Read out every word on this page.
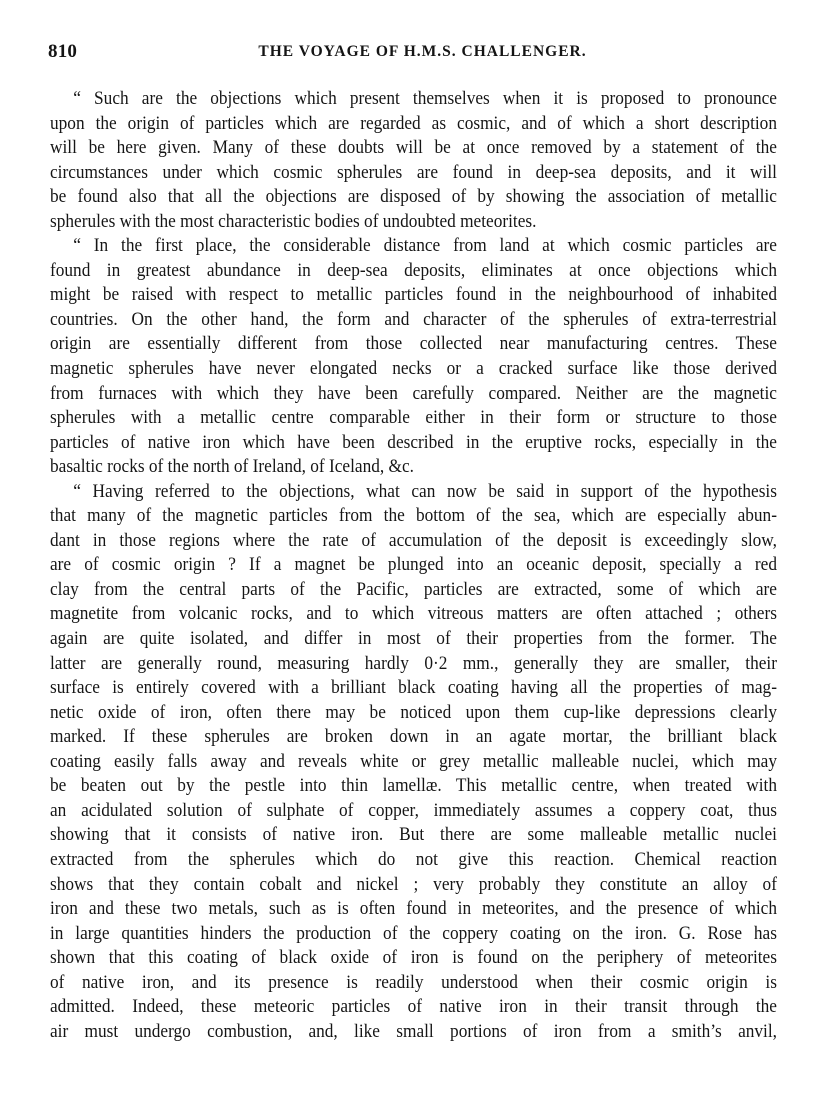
810	THE VOYAGE OF H.M.S. CHALLENGER.
“ Such are the objections which present themselves when it is proposed to pronounce
upon the origin of particles which are regarded as cosmic, and of which a short description
will be here given. Many of these doubts will be at once removed by a statement of the
circumstances under which cosmic spherules are found in deep-sea deposits, and it will
be found also that all the objections are disposed of by showing the association of metallic
spherules with the most characteristic bodies of undoubted meteorites.
“ In the first place, the considerable distance from land at which cosmic particles are
found in greatest abundance in deep-sea deposits, eliminates at once objections which
might be raised with respect to metallic particles found in the neighbourhood of inhabited
countries. On the other hand, the form and character of the spherules of extra-terrestrial
origin are essentially different from those collected near manufacturing centres. These
magnetic spherules have never elongated necks or a cracked surface like those derived
from furnaces with which they have been carefully compared. Neither are the magnetic
spherules with a metallic centre comparable either in their form or structure to those
particles of native iron which have been described in the eruptive rocks, especially in the
basaltic rocks of the north of Ireland, of Iceland, &c.
“ Having referred to the objections, what can now be said in support of the hypothesis
that many of the magnetic particles from the bottom of the sea, which are especially abun-
dant in those regions where the rate of accumulation of the deposit is exceedingly slow,
are of cosmic origin ? If a magnet be plunged into an oceanic deposit, specially a red
clay from the central parts of the Pacific, particles are extracted, some of which are
magnetite from volcanic rocks, and to which vitreous matters are often attached ; others
again are quite isolated, and differ in most of their properties from the former. The
latter are generally round, measuring hardly 0·2 mm., generally they are smaller, their
surface is entirely covered with a brilliant black coating having all the properties of mag-
netic oxide of iron, often there may be noticed upon them cup-like depressions clearly
marked. If these spherules are broken down in an agate mortar, the brilliant black
coating easily falls away and reveals white or grey metallic malleable nuclei, which may
be beaten out by the pestle into thin lamellæ. This metallic centre, when treated with
an acidulated solution of sulphate of copper, immediately assumes a coppery coat, thus
showing that it consists of native iron. But there are some malleable metallic nuclei
extracted from the spherules which do not give this reaction. Chemical reaction
shows that they contain cobalt and nickel ; very probably they constitute an alloy of
iron and these two metals, such as is often found in meteorites, and the presence of which
in large quantities hinders the production of the coppery coating on the iron. G. Rose has
shown that this coating of black oxide of iron is found on the periphery of meteorites
of native iron, and its presence is readily understood when their cosmic origin is
admitted. Indeed, these meteoric particles of native iron in their transit through the
air must undergo combustion, and, like small portions of iron from a smith’s anvil,
